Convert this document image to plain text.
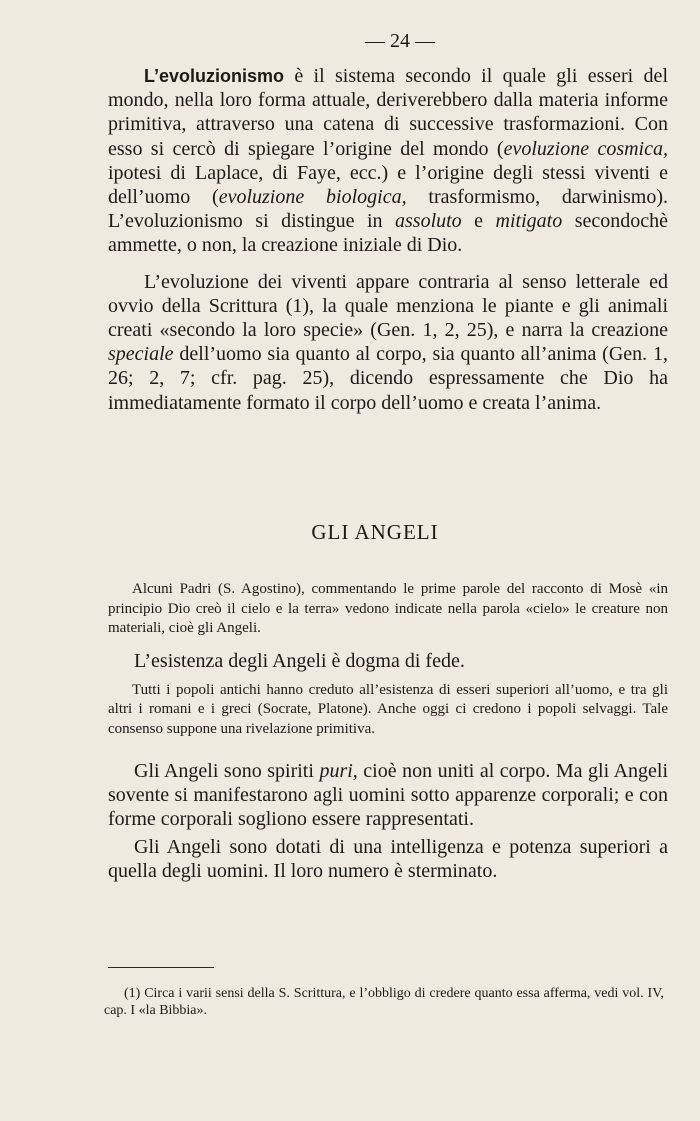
— 24 —

L’evoluzionismo è il sistema secondo il quale gli esseri del mondo, nella loro forma attuale, deriverebbero dalla materia informe primitiva, attraverso una catena di successive trasformazioni. Con esso si cercò di spiegare l’origine del mondo (evoluzione cosmica, ipotesi di Laplace, di Faye, ecc.) e l’origine degli stessi viventi e dell’uomo (evoluzione biologica, trasformismo, darwinismo). L’evoluzionismo si distingue in assoluto e mitigato secondochè ammette, o non, la creazione iniziale di Dio.

L’evoluzione dei viventi appare contraria al senso letterale ed ovvio della Scrittura (1), la quale menziona le piante e gli animali creati «secondo la loro specie» (Gen. 1, 2, 25), e narra la creazione speciale dell’uomo sia quanto al corpo, sia quanto all’anima (Gen. 1, 26; 2, 7; cfr. pag. 25), dicendo espressamente che Dio ha immediatamente formato il corpo dell’uomo e creata l’anima.

GLI ANGELI

Alcuni Padri (S. Agostino), commentando le prime parole del racconto di Mosè «in principio Dio creò il cielo e la terra» vedono indicate nella parola «cielo» le creature non materiali, cioè gli Angeli.

L’esistenza degli Angeli è dogma di fede.

Tutti i popoli antichi hanno creduto all’esistenza di esseri superiori all’uomo, e tra gli altri i romani e i greci (Socrate, Platone). Anche oggi ci credono i popoli selvaggi. Tale consenso suppone una rivelazione primitiva.

Gli Angeli sono spiriti puri, cioè non uniti al corpo. Ma gli Angeli sovente si manifestarono agli uomini sotto apparenze corporali; e con forme corporali sogliono essere rappresentati.

Gli Angeli sono dotati di una intelligenza e potenza superiori a quella degli uomini. Il loro numero è sterminato.

(1) Circa i varii sensi della S. Scrittura, e l’obbligo di credere quanto essa afferma, vedi vol. IV, cap. I «la Bibbia».
